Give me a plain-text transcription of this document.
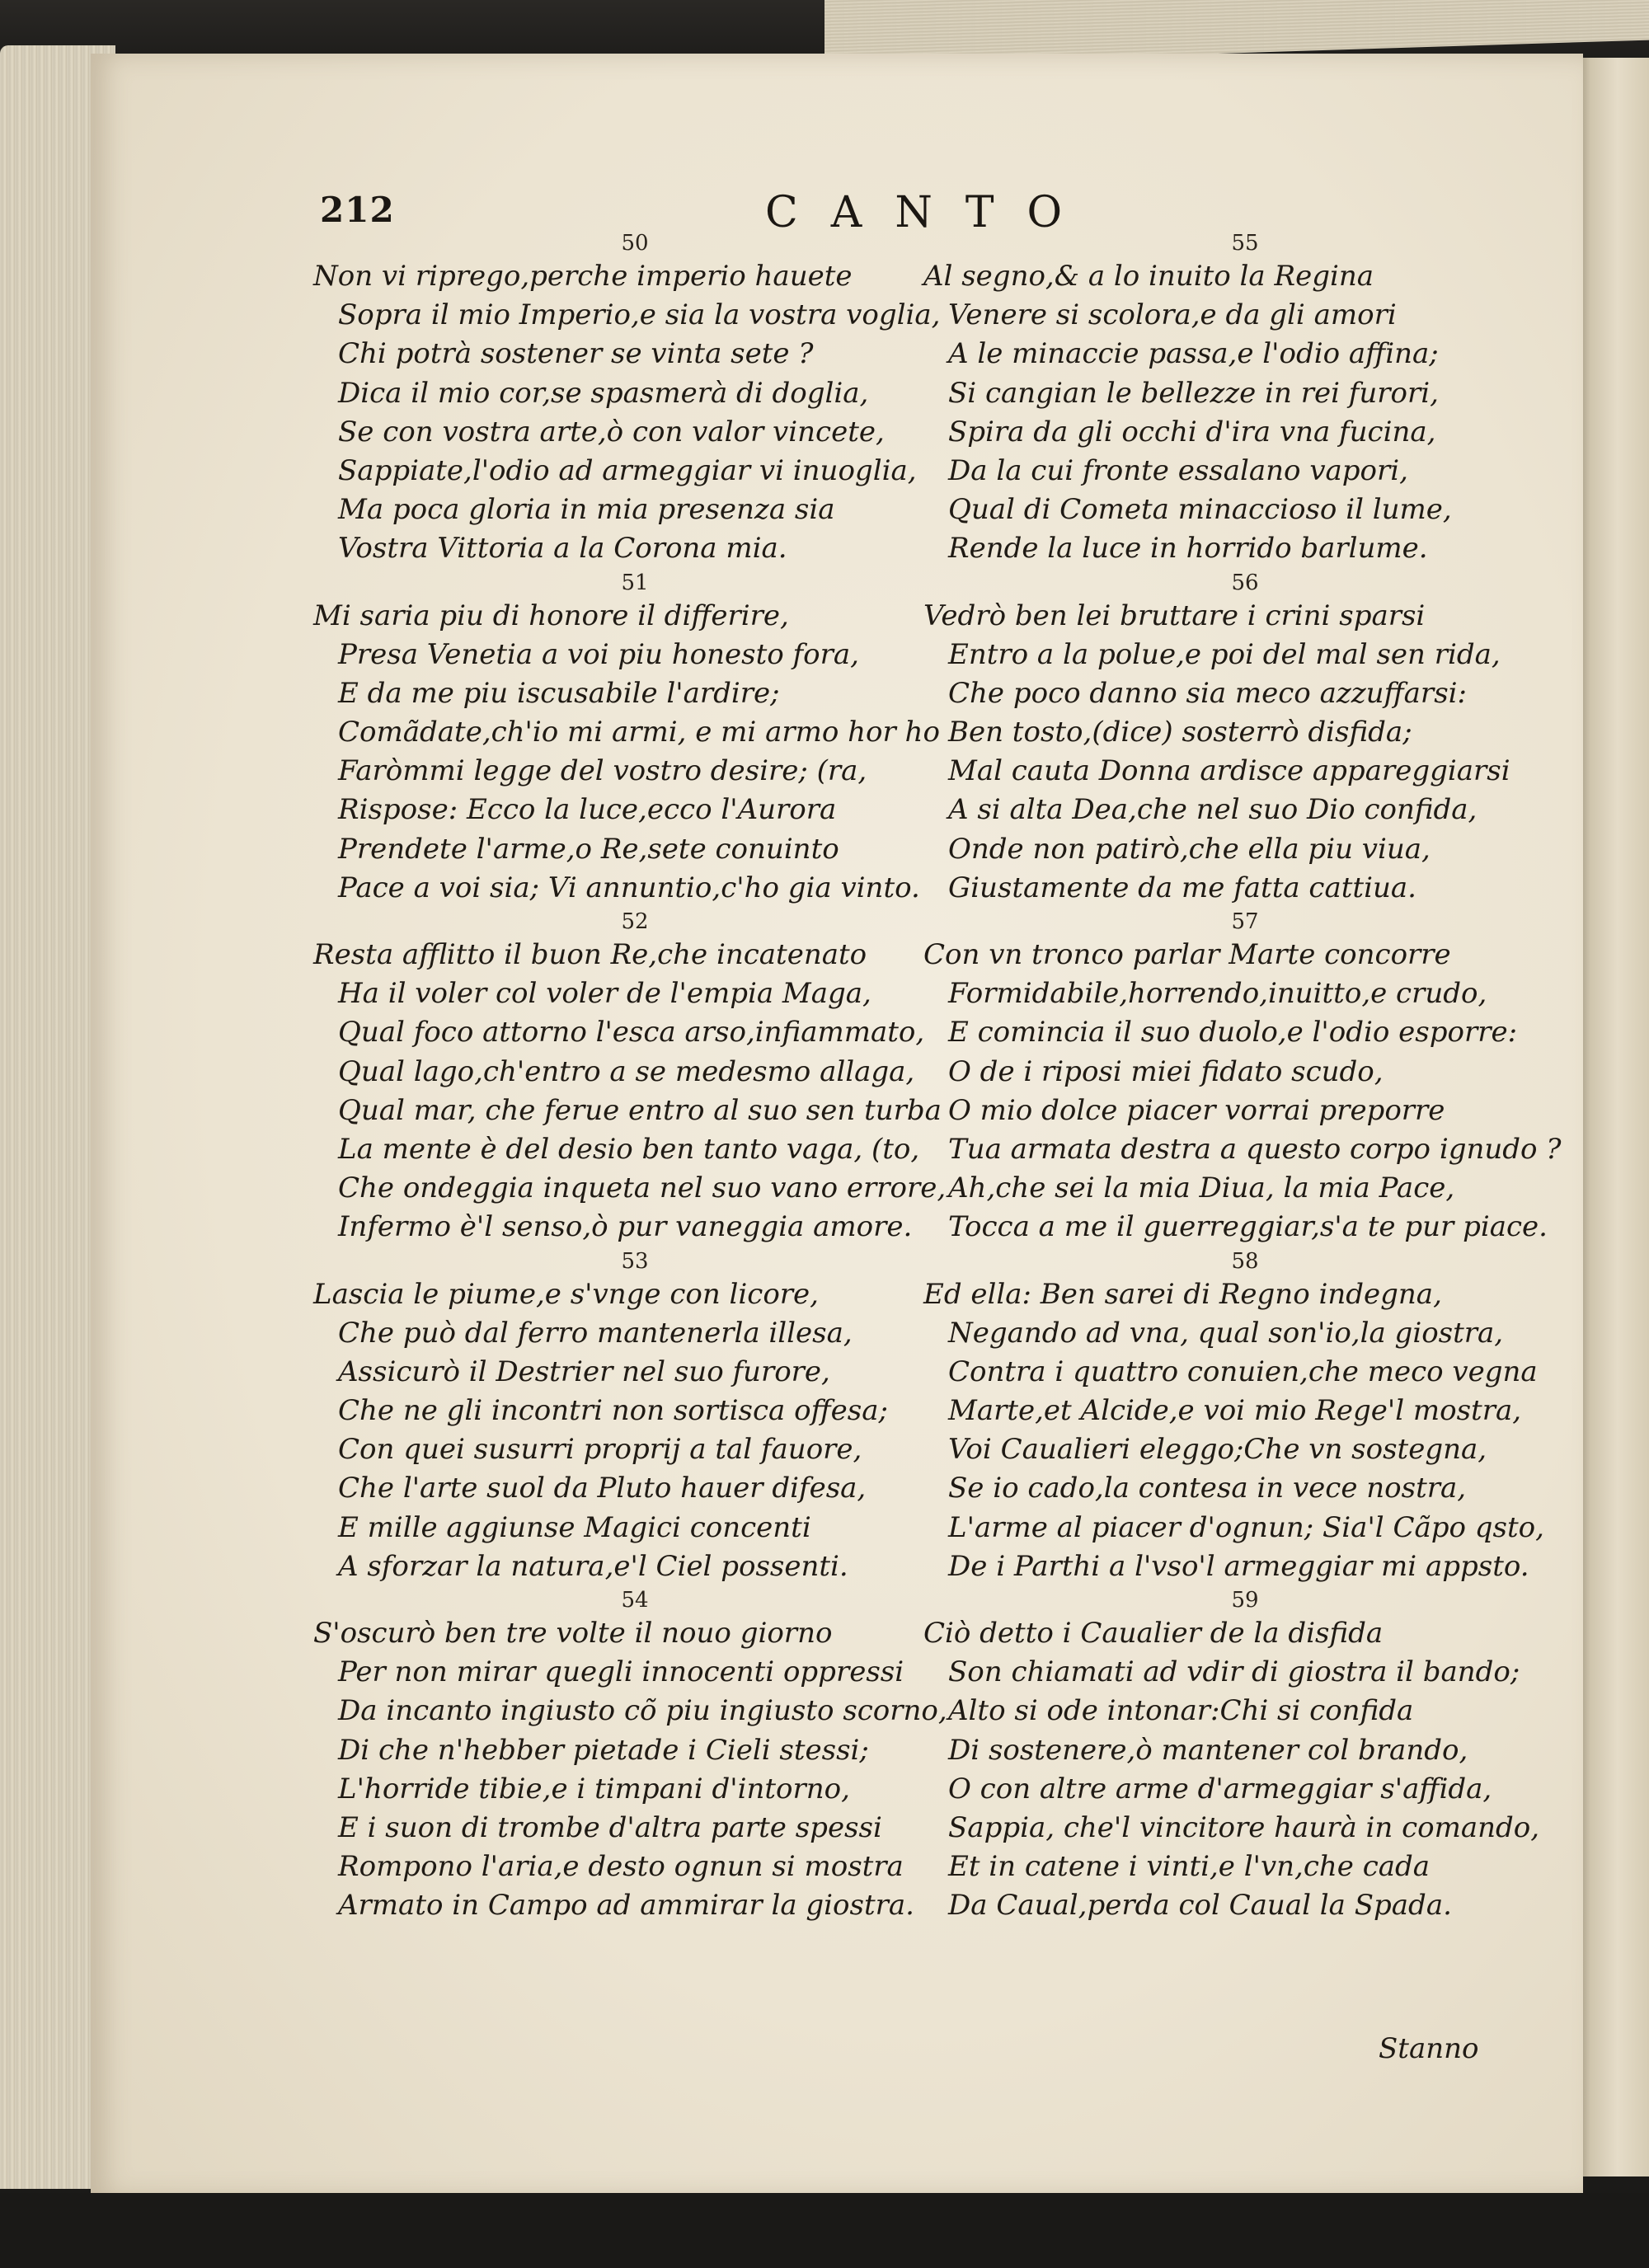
212	CANTO
50
Non vi riprego,perche imperio hauete
Sopra il mio Imperio,e sia la vostra voglia,
Chi potrà sostener se vinta sete ?
Dica il mio cor,se spasmerà di doglia,
Se con vostra arte,ò con valor vincete,
Sappiate,l'odio ad armeggiar vi inuoglia,
Ma poca gloria in mia presenza sia
Vostra Vittoria a la Corona mia.
51
Mi saria piu di honore il differire,
Presa Venetia a voi piu honesto fora,
E da me piu iscusabile l'ardire;
Comãdate,ch'io mi armi, e mi armo hor ho
Faròmmi legge del vostro desire; (ra,
Rispose: Ecco la luce,ecco l'Aurora
Prendete l'arme,o Re,sete conuinto
Pace a voi sia; Vi annuntio,c'ho gia vinto.
52
Resta afflitto il buon Re,che incatenato
Ha il voler col voler de l'empia Maga,
Qual foco attorno l'esca arso,infiammato,
Qual lago,ch'entro a se medesmo allaga,
Qual mar, che ferue entro al suo sen turba
La mente è del desio ben tanto vaga, (to,
Che ondeggia inqueta nel suo vano errore,
Infermo è'l senso,ò pur vaneggia amore.
53
Lascia le piume,e s'vnge con licore,
Che può dal ferro mantenerla illesa,
Assicurò il Destrier nel suo furore,
Che ne gli incontri non sortisca offesa;
Con quei susurri proprij a tal fauore,
Che l'arte suol da Pluto hauer difesa,
E mille aggiunse Magici concenti
A sforzar la natura,e'l Ciel possenti.
54
S'oscurò ben tre volte il nouo giorno
Per non mirar quegli innocenti oppressi
Da incanto ingiusto cõ piu ingiusto scorno,
Di che n'hebber pietade i Cieli stessi;
L'horride tibie,e i timpani d'intorno,
E i suon di trombe d'altra parte spessi
Rompono l'aria,e desto ognun si mostra
Armato in Campo ad ammirar la giostra.
55
Al segno,& a lo inuito la Regina
Venere si scolora,e da gli amori
A le minaccie passa,e l'odio affina;
Si cangian le bellezze in rei furori,
Spira da gli occhi d'ira vna fucina,
Da la cui fronte essalano vapori,
Qual di Cometa minaccioso il lume,
Rende la luce in horrido barlume.
56
Vedrò ben lei bruttare i crini sparsi
Entro a la polue,e poi del mal sen rida,
Che poco danno sia meco azzuffarsi:
Ben tosto,(dice) sosterrò disfida;
Mal cauta Donna ardisce appareggiarsi
A si alta Dea,che nel suo Dio confida,
Onde non patirò,che ella piu viua,
Giustamente da me fatta cattiua.
57
Con vn tronco parlar Marte concorre
Formidabile,horrendo,inuitto,e crudo,
E comincia il suo duolo,e l'odio esporre:
O de i riposi miei fidato scudo,
O mio dolce piacer vorrai preporre
Tua armata destra a questo corpo ignudo ?
Ah,che sei la mia Diua, la mia Pace,
Tocca a me il guerreggiar,s'a te pur piace.
58
Ed ella: Ben sarei di Regno indegna,
Negando ad vna, qual son'io,la giostra,
Contra i quattro conuien,che meco vegna
Marte,et Alcide,e voi mio Rege'l mostra,
Voi Caualieri eleggo;Che vn sostegna,
Se io cado,la contesa in vece nostra,
L'arme al piacer d'ognun; Sia'l Cãpo qsto,
De i Parthi a l'vso'l armeggiar mi appsto.
59
Ciò detto i Caualier de la disfida
Son chiamati ad vdir di giostra il bando;
Alto si ode intonar:Chi si confida
Di sostenere,ò mantener col brando,
O con altre arme d'armeggiar s'affida,
Sappia, che'l vincitore haurà in comando,
Et in catene i vinti,e l'vn,che cada
Da Caual,perda col Caual la Spada.
Stanno
